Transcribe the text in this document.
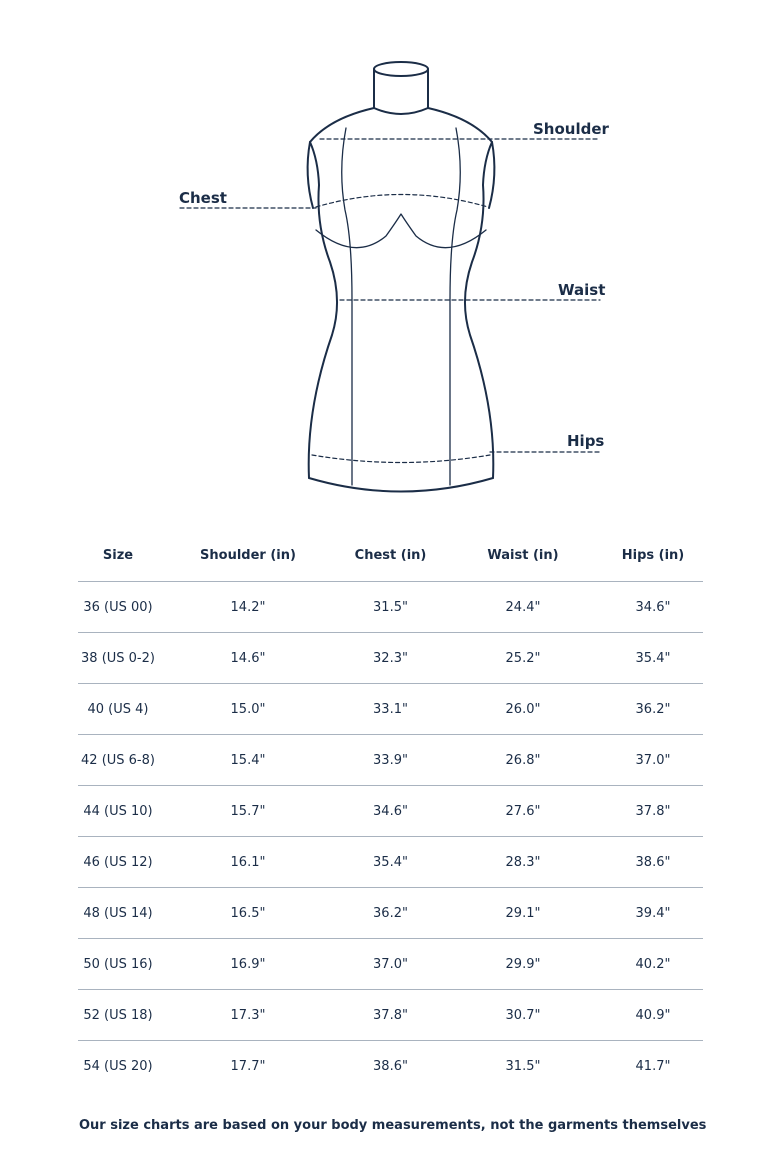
Shoulder
Chest
Waist
Hips
Size	Shoulder (in)	Chest (in)	Waist (in)	Hips (in)
36 (US 00)	14.2"	31.5"	24.4"	34.6"
38 (US 0-2)	14.6"	32.3"	25.2"	35.4"
40 (US 4)	15.0"	33.1"	26.0"	36.2"
42 (US 6-8)	15.4"	33.9"	26.8"	37.0"
44 (US 10)	15.7"	34.6"	27.6"	37.8"
46 (US 12)	16.1"	35.4"	28.3"	38.6"
48 (US 14)	16.5"	36.2"	29.1"	39.4"
50 (US 16)	16.9"	37.0"	29.9"	40.2"
52 (US 18)	17.3"	37.8"	30.7"	40.9"
54 (US 20)	17.7"	38.6"	31.5"	41.7"
Our size charts are based on your body measurements, not the garments themselves
